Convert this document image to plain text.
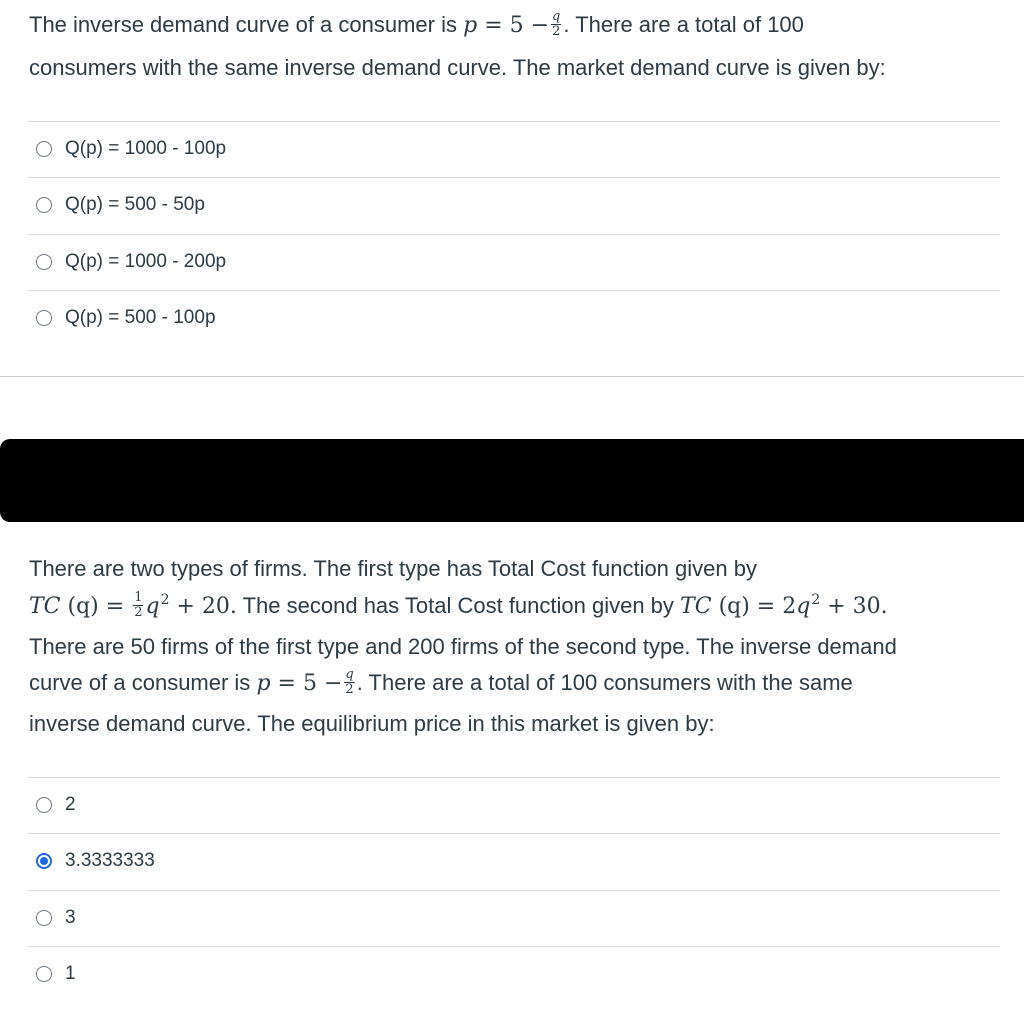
The inverse demand curve of a consumer is $p = 5 - \frac{q}{2}$ . There are a total of 100
consumers with the same inverse demand curve. The market demand curve is given by:
Q(p) = 1000 - 100p
Q(p) = 500 - 50p
Q(p) = 1000 - 200p
Q(p) = 500 - 100p
There are two types of firms. The first type has Total Cost function given by
TC $(q) = \frac{1}{2} q^2 + 20$. The second has Total Cost function given by TC $(q) = 2q^2 + 30$.
There are 50 firms of the first type and 200 firms of the second type. The inverse demand
curve of a consumer is $p = 5 - \frac{q}{2}$ . There are a total of 100 consumers with the same
inverse demand curve. The equilibrium price in this market is given by:
2
3.3333333
3
1
